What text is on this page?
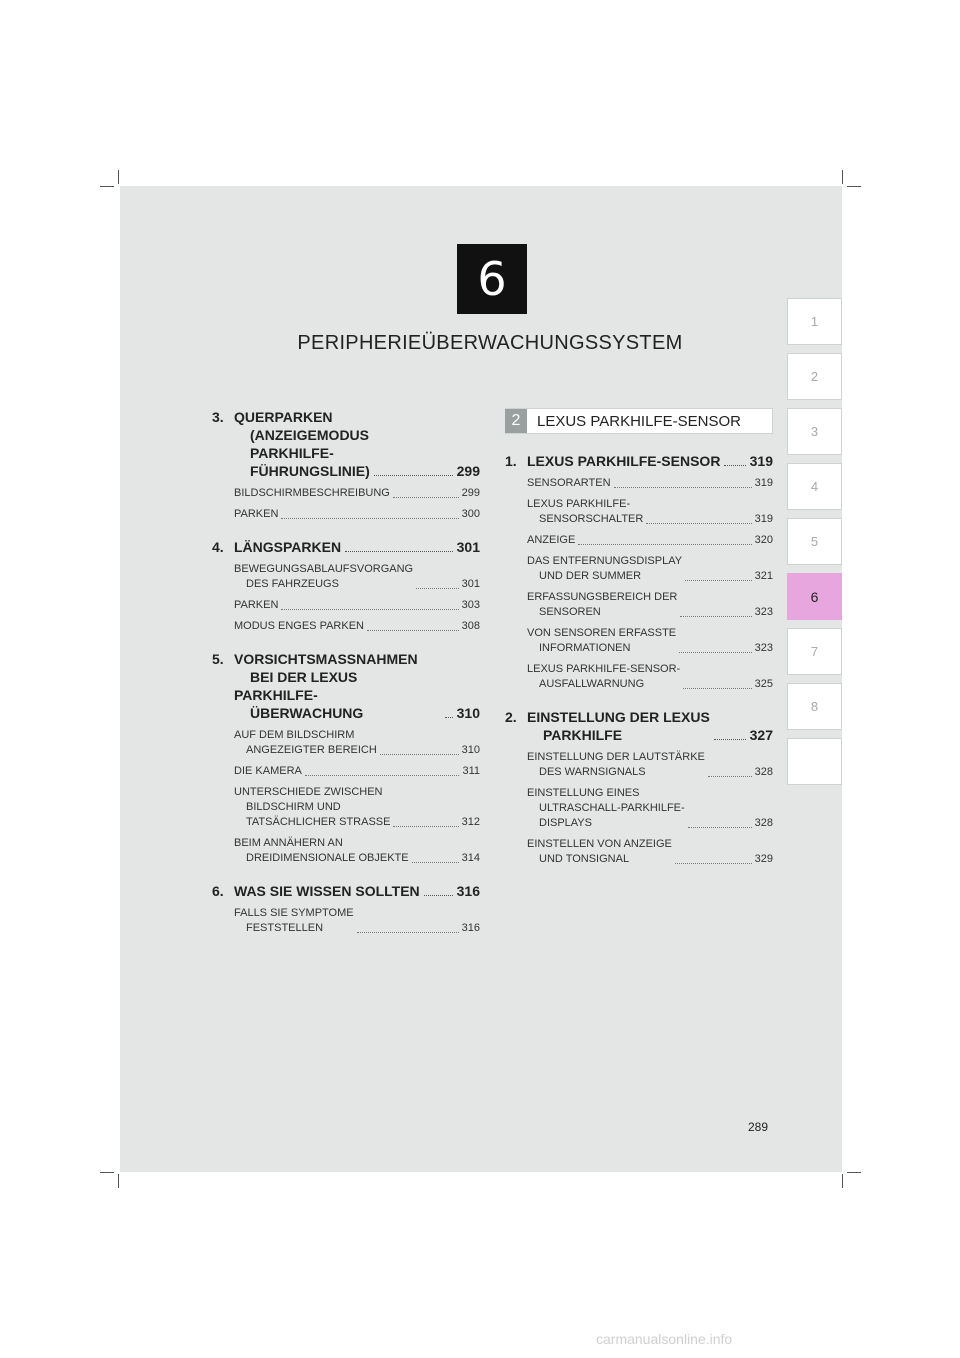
6
PERIPHERIEÜBERWACHUNGSSYSTEM
1
2
3
4
5
6
7
8
3. QUERPARKEN
(ANZEIGEMODUS
PARKHILFE-
FÜHRUNGSLINIE)	299
BILDSCHIRMBESCHREIBUNG	299
PARKEN	300
4. LÄNGSPARKEN	301
BEWEGUNGSABLAUFSVORGANG
DES FAHRZEUGS	301
PARKEN	303
MODUS ENGES PARKEN	308
5. VORSICHTSMASSNAHMEN
BEI DER LEXUS PARKHILFE-
ÜBERWACHUNG	310
AUF DEM BILDSCHIRM
ANGEZEIGTER BEREICH	310
DIE KAMERA	311
UNTERSCHIEDE ZWISCHEN
BILDSCHIRM UND
TATSÄCHLICHER STRASSE	312
BEIM ANNÄHERN AN
DREIDIMENSIONALE OBJEKTE	314
6. WAS SIE WISSEN SOLLTEN	316
FALLS SIE SYMPTOME
FESTSTELLEN	316
2	LEXUS PARKHILFE-SENSOR
1. LEXUS PARKHILFE-SENSOR 319
SENSORARTEN	319
LEXUS PARKHILFE-
SENSORSCHALTER	319
ANZEIGE	320
DAS ENTFERNUNGSDISPLAY
UND DER SUMMER	321
ERFASSUNGSBEREICH DER
SENSOREN	323
VON SENSOREN ERFASSTE
INFORMATIONEN	323
LEXUS PARKHILFE-SENSOR-
AUSFALLWARNUNG	325
2. EINSTELLUNG DER LEXUS
PARKHILFE	327
EINSTELLUNG DER LAUTSTÄRKE
DES WARNSIGNALS	328
EINSTELLUNG EINES
ULTRASCHALL-PARKHILFE-
DISPLAYS	328
EINSTELLEN VON ANZEIGE
UND TONSIGNAL	329
289
carmanualsonline.info
